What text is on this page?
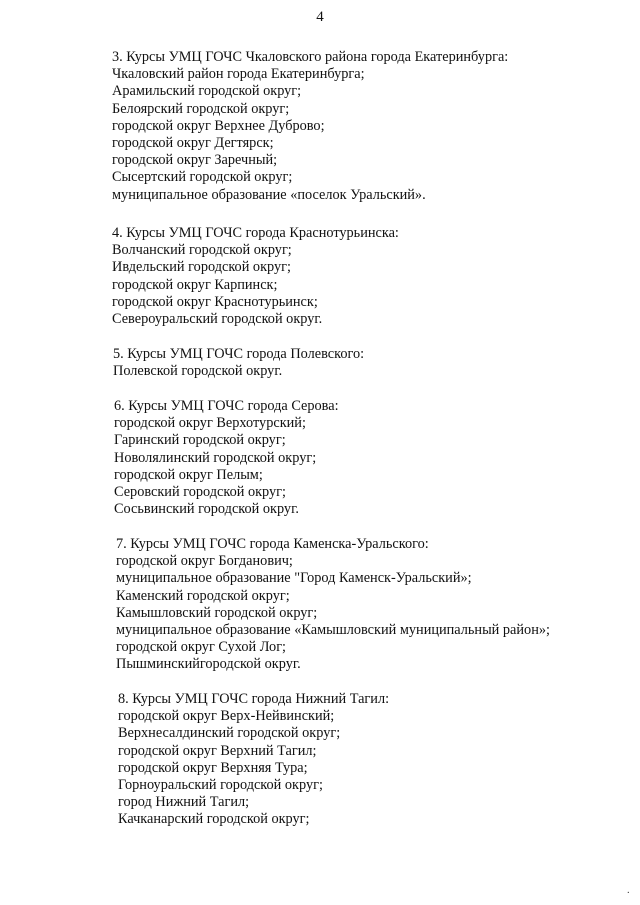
4
3. Курсы УМЦ ГОЧС Чкаловского района города Екатеринбурга:
Чкаловский район города Екатеринбурга;
Арамильский городской округ;
Белоярский городской округ;
городской округ Верхнее Дуброво;
городской округ Дегтярск;
городской округ Заречный;
Сысертский городской округ;
муниципальное образование «поселок Уральский».
4. Курсы УМЦ ГОЧС города Краснотурьинска:
Волчанский городской округ;
Ивдельский городской округ;
городской округ Карпинск;
городской округ Краснотурьинск;
Североуральский городской округ.
5. Курсы УМЦ ГОЧС города Полевского:
Полевской городской округ.
6. Курсы УМЦ ГОЧС города Серова:
городской округ Верхотурский;
Гаринский городской округ;
Новолялинский городской округ;
городской округ Пелым;
Серовский городской округ;
Сосьвинский городской округ.
7. Курсы УМЦ ГОЧС города Каменска-Уральского:
городской округ Богданович;
муниципальное образование "Город Каменск-Уральский»;
Каменский городской округ;
Камышловский городской округ;
муниципальное образование «Камышловский муниципальный район»;
городской округ Сухой Лог;
Пышминскийгородской округ.
8. Курсы УМЦ ГОЧС города Нижний Тагил:
городской округ Верх-Нейвинский;
Верхнесалдинский городской округ;
городской округ Верхний Тагил;
городской округ Верхняя Тура;
Горноуральский городской округ;
город Нижний Тагил;
Качканарский городской округ;
·
